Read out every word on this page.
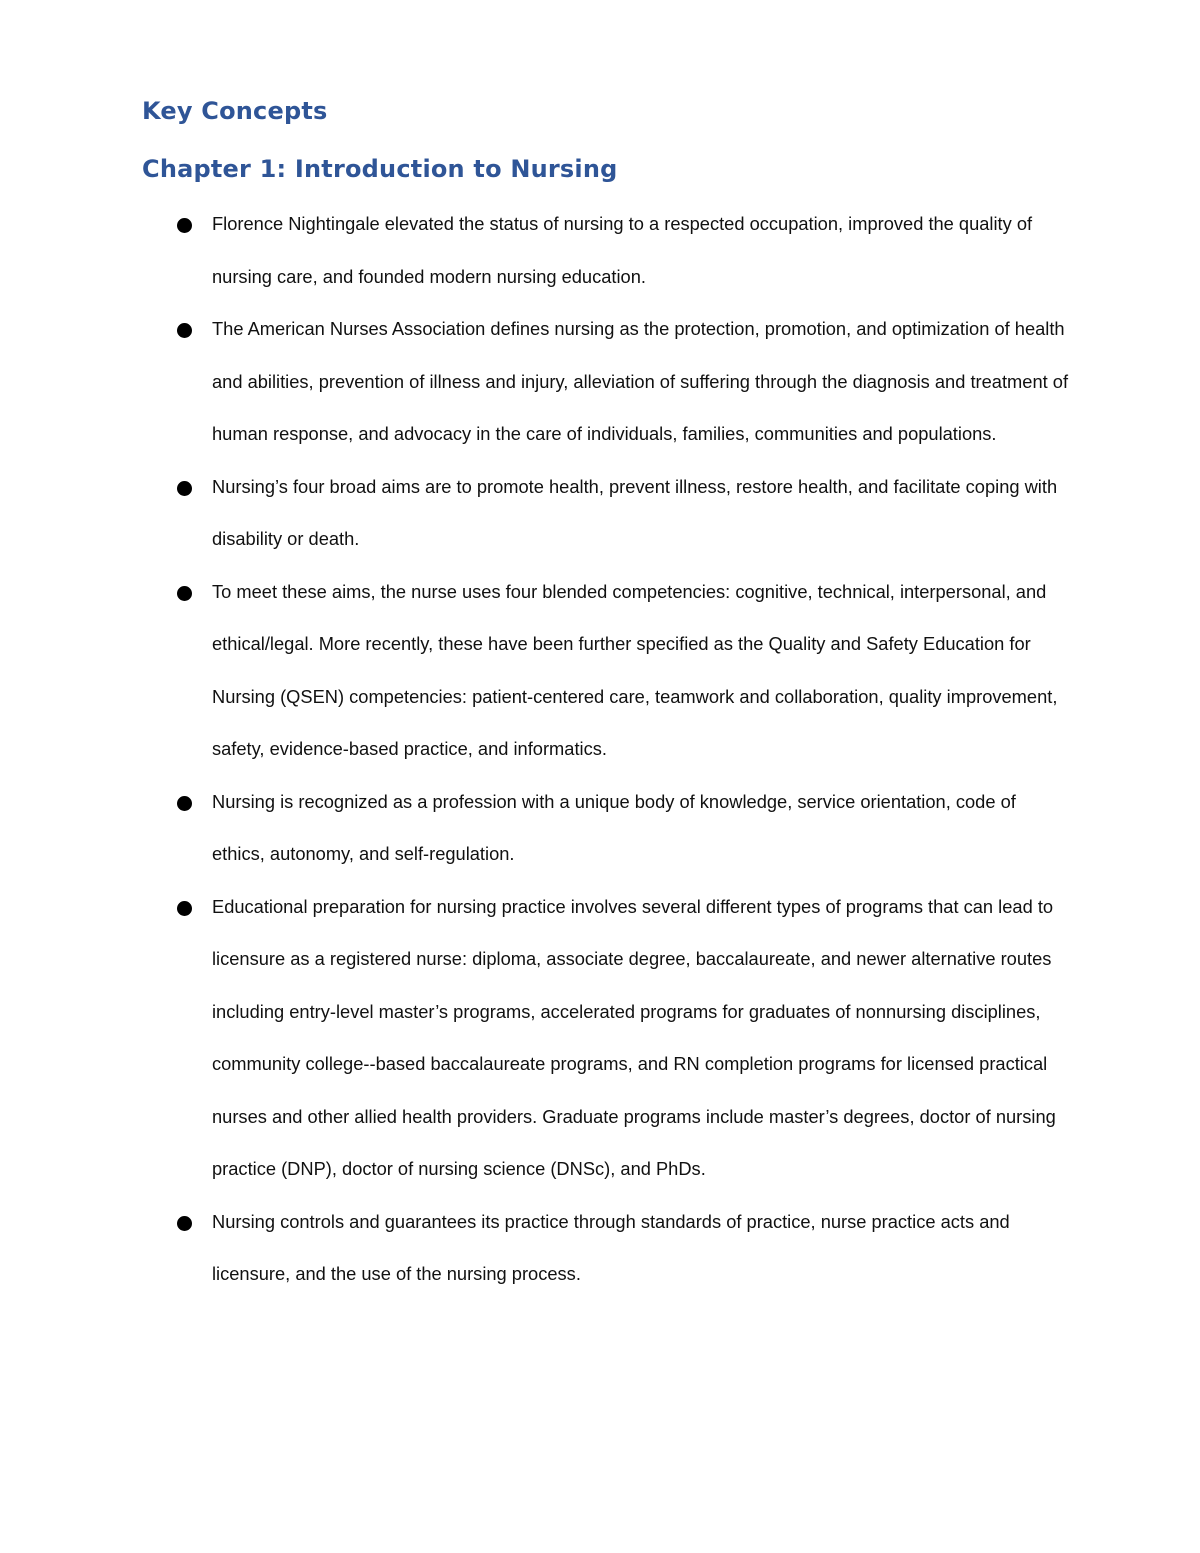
Key Concepts
Chapter 1: Introduction to Nursing

Florence Nightingale elevated the status of nursing to a respected occupation, improved the quality of nursing care, and founded modern nursing education.

The American Nurses Association defines nursing as the protection, promotion, and optimization of health and abilities, prevention of illness and injury, alleviation of suffering through the diagnosis and treatment of human response, and advocacy in the care of individuals, families, communities and populations.

Nursing’s four broad aims are to promote health, prevent illness, restore health, and facilitate coping with disability or death.

To meet these aims, the nurse uses four blended competencies: cognitive, technical, interpersonal, and ethical/legal. More recently, these have been further specified as the Quality and Safety Education for Nursing (QSEN) competencies: patient-centered care, teamwork and collaboration, quality improvement, safety, evidence-based practice, and informatics.

Nursing is recognized as a profession with a unique body of knowledge, service orientation, code of ethics, autonomy, and self-regulation.

Educational preparation for nursing practice involves several different types of programs that can lead to licensure as a registered nurse: diploma, associate degree, baccalaureate, and newer alternative routes including entry-level master’s programs, accelerated programs for graduates of nonnursing disciplines, community college--based baccalaureate programs, and RN completion programs for licensed practical nurses and other allied health providers. Graduate programs include master’s degrees, doctor of nursing practice (DNP), doctor of nursing science (DNSc), and PhDs.

Nursing controls and guarantees its practice through standards of practice, nurse practice acts and licensure, and the use of the nursing process.
